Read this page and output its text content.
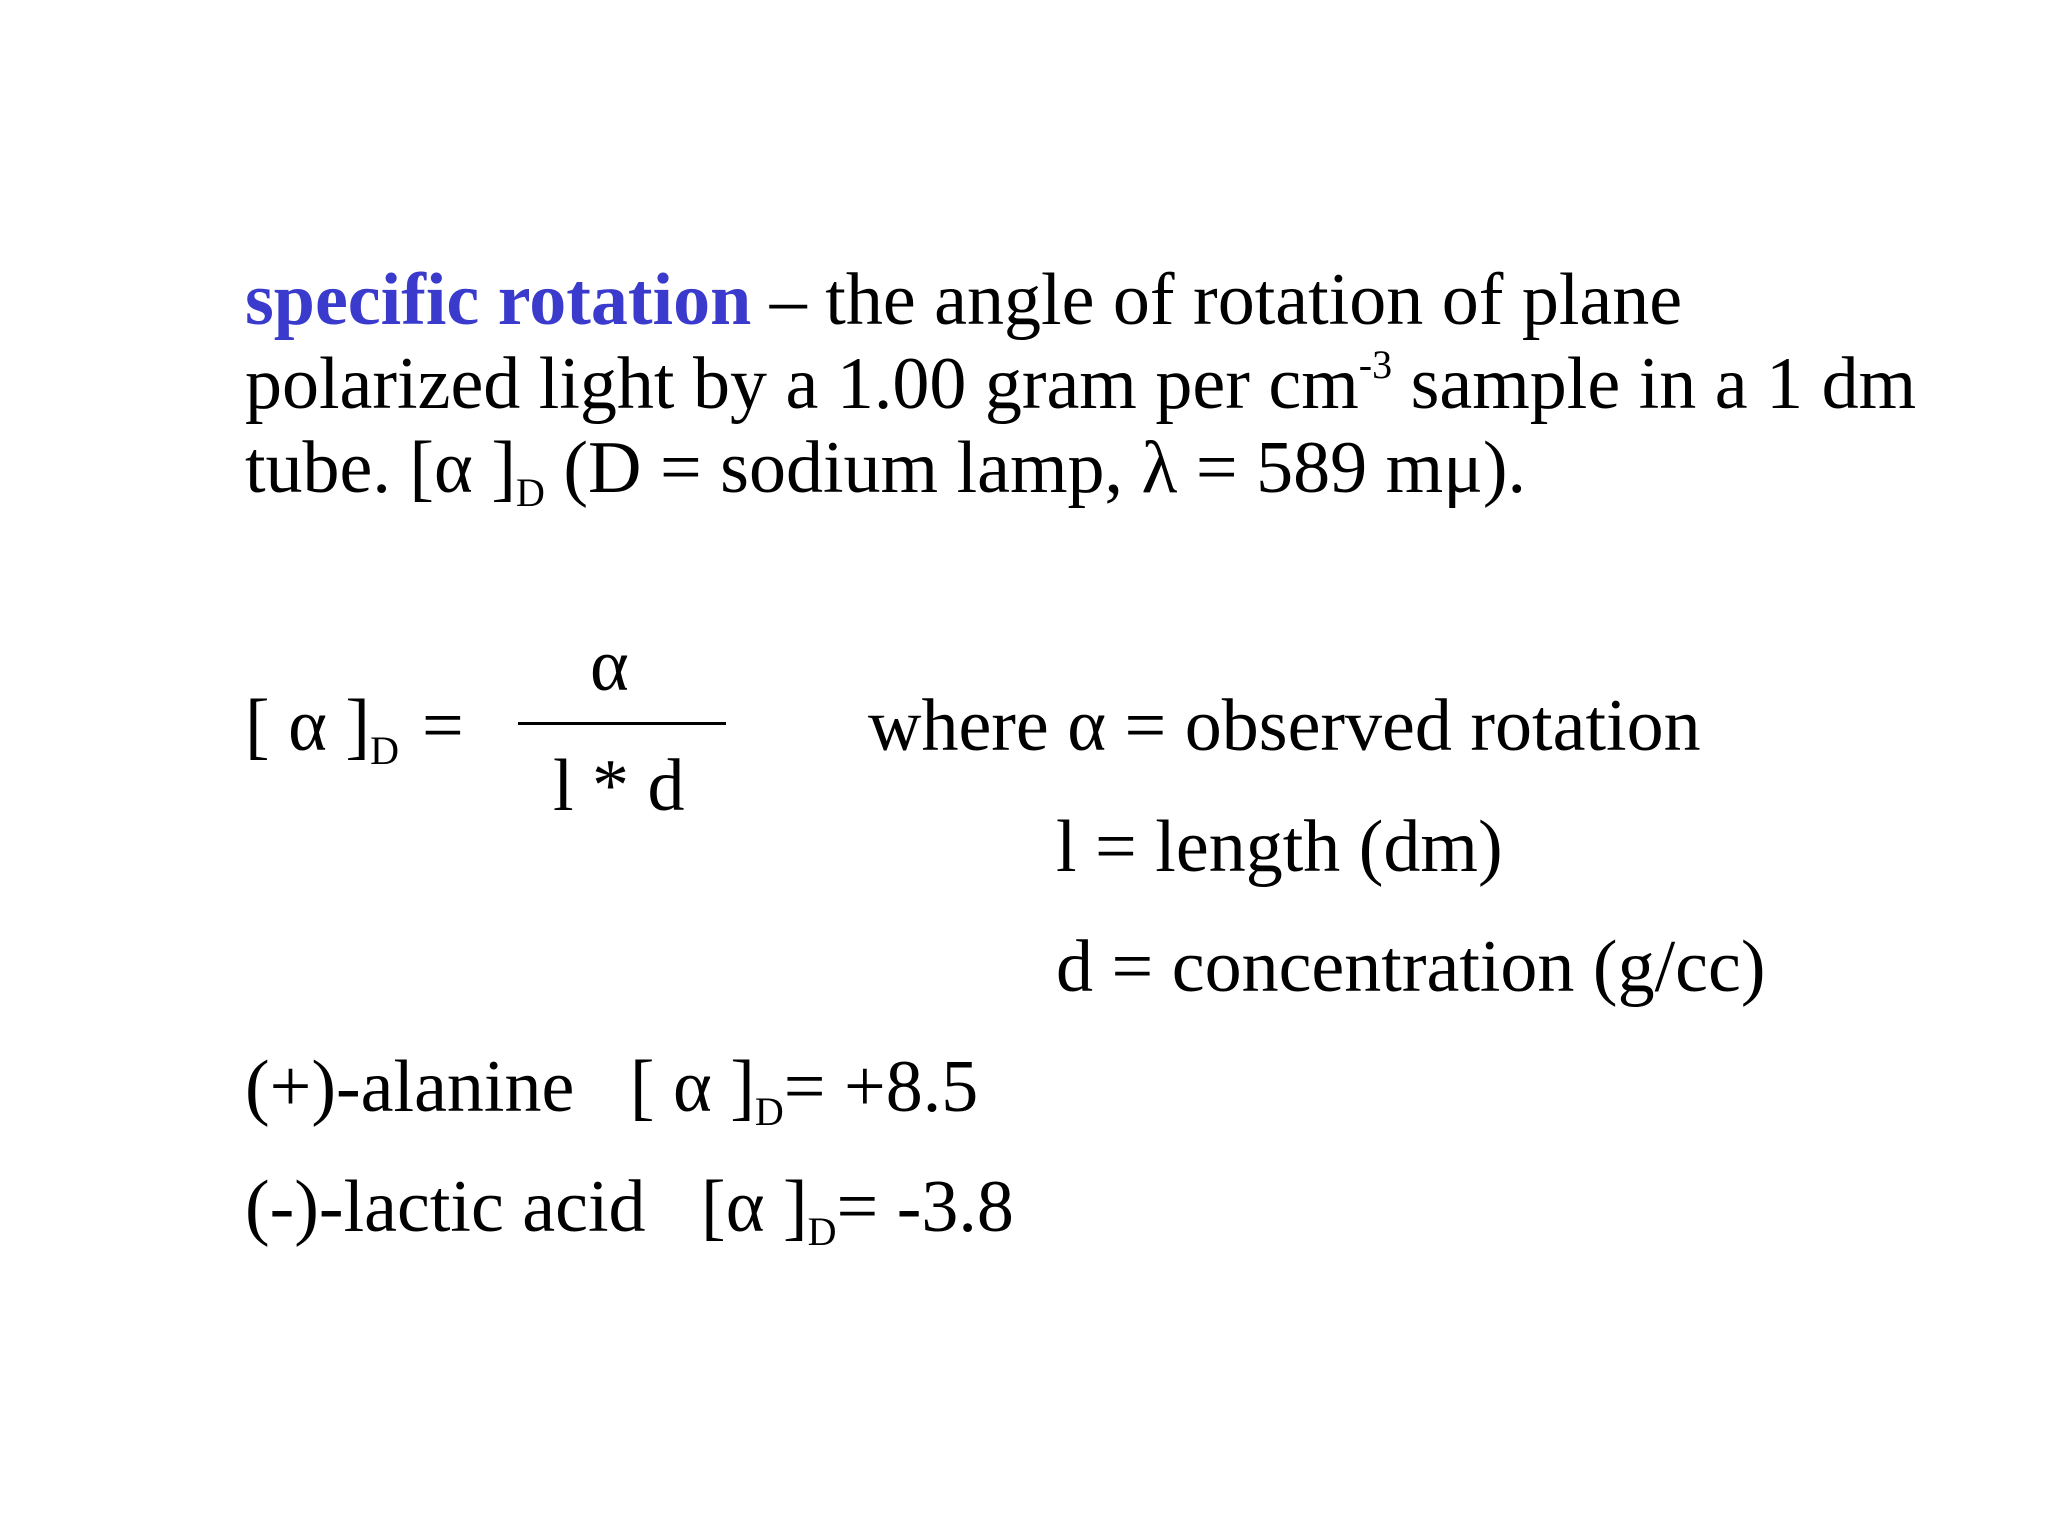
specific rotation – the angle of rotation of plane
polarized light by a 1.00 gram per $cm^{-3}$ sample in a 1 dm
tube. [α ]$_D$ (D = sodium lamp, λ = 589 mμ).
[ α ]$_D$ =
α
l * d
where α = observed rotation
l = length (dm)
d = concentration (g/cc)
(+)-alanine [ α ]$_D= +8.5$
(-)-lactic acid [α ]$_D= -3.8$
